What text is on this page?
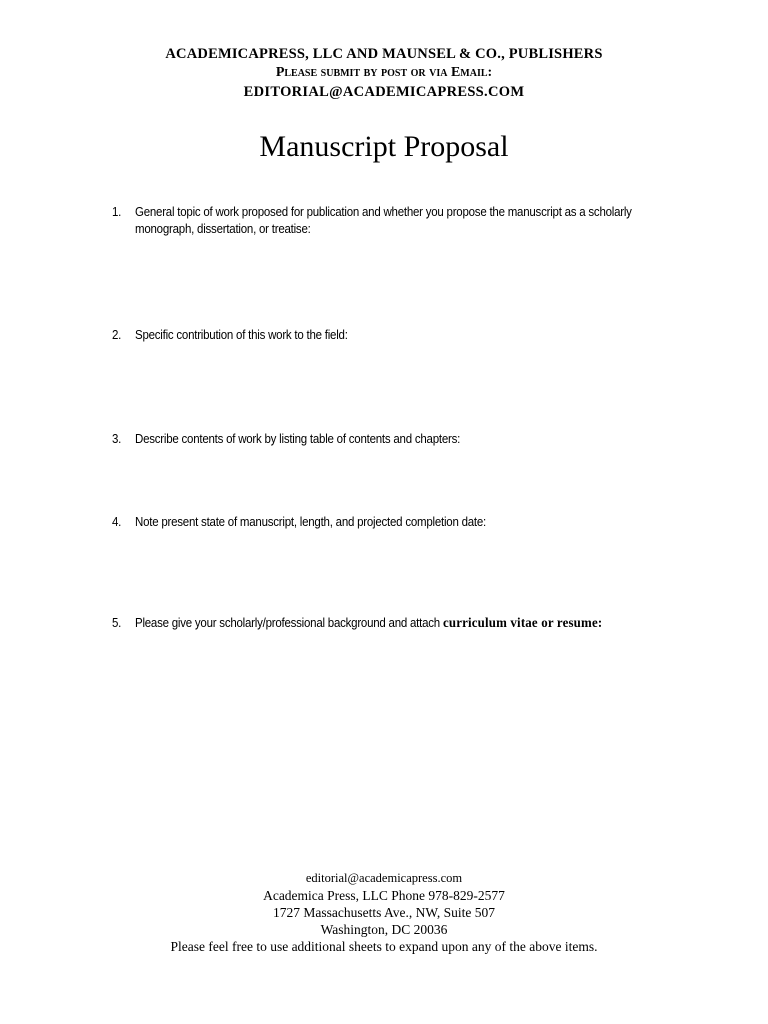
ACADEMICAPRESS, LLC AND MAUNSEL & CO., PUBLISHERS
Please submit by post or via Email:
EDITORIAL@ACADEMICAPRESS.COM
Manuscript Proposal
1. General topic of work proposed for publication and whether you propose the manuscript as a scholarly monograph, dissertation, or treatise:
2. Specific contribution of this work to the field:
3. Describe contents of work by listing table of contents and chapters:
4. Note present state of manuscript, length, and projected completion date:
5. Please give your scholarly/professional background and attach curriculum vitae or resume:
editorial@academicapress.com
Academica Press, LLC Phone 978-829-2577
1727 Massachusetts Ave., NW, Suite 507
Washington, DC 20036
Please feel free to use additional sheets to expand upon any of the above items.
